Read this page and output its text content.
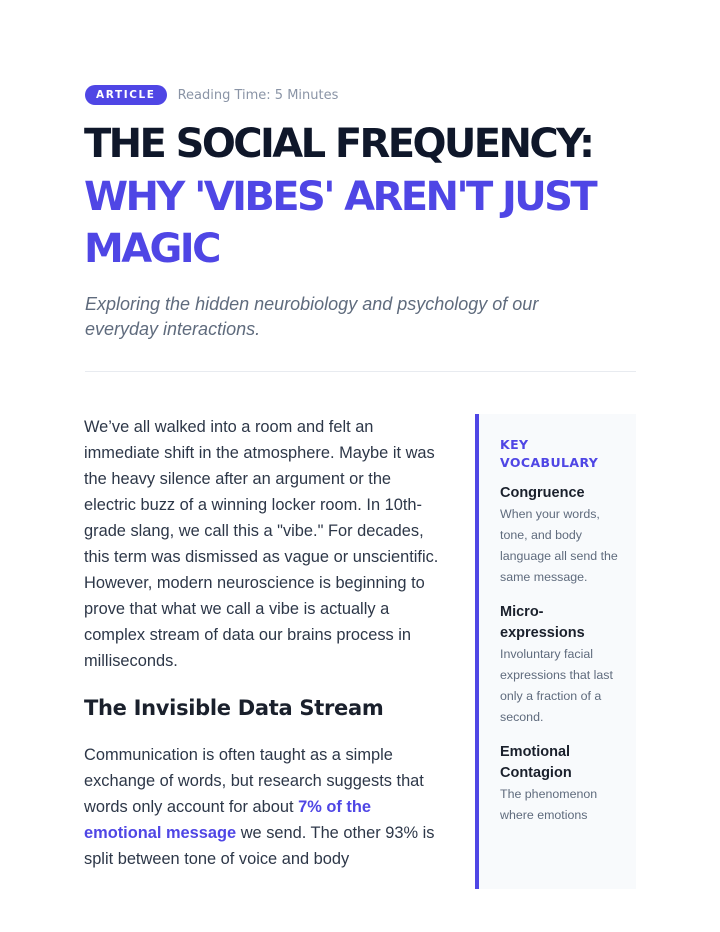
ARTICLE	Reading Time: 5 Minutes
THE SOCIAL FREQUENCY:
WHY 'VIBES' AREN'T JUST MAGIC

Exploring the hidden neurobiology and psychology of our everyday interactions.

We’ve all walked into a room and felt an immediate shift in the atmosphere. Maybe it was the heavy silence after an argument or the electric buzz of a winning locker room. In 10th-grade slang, we call this a "vibe." For decades, this term was dismissed as vague or unscientific. However, modern neuroscience is beginning to prove that what we call a vibe is actually a complex stream of data our brains process in milliseconds.

The Invisible Data Stream

Communication is often taught as a simple exchange of words, but research suggests that words only account for about 7% of the emotional message we send. The other 93% is split between tone of voice and body

KEY VOCABULARY
Congruence
When your words, tone, and body language all send the same message.
Micro-expressions
Involuntary facial expressions that last only a fraction of a second.
Emotional Contagion
The phenomenon where emotions
